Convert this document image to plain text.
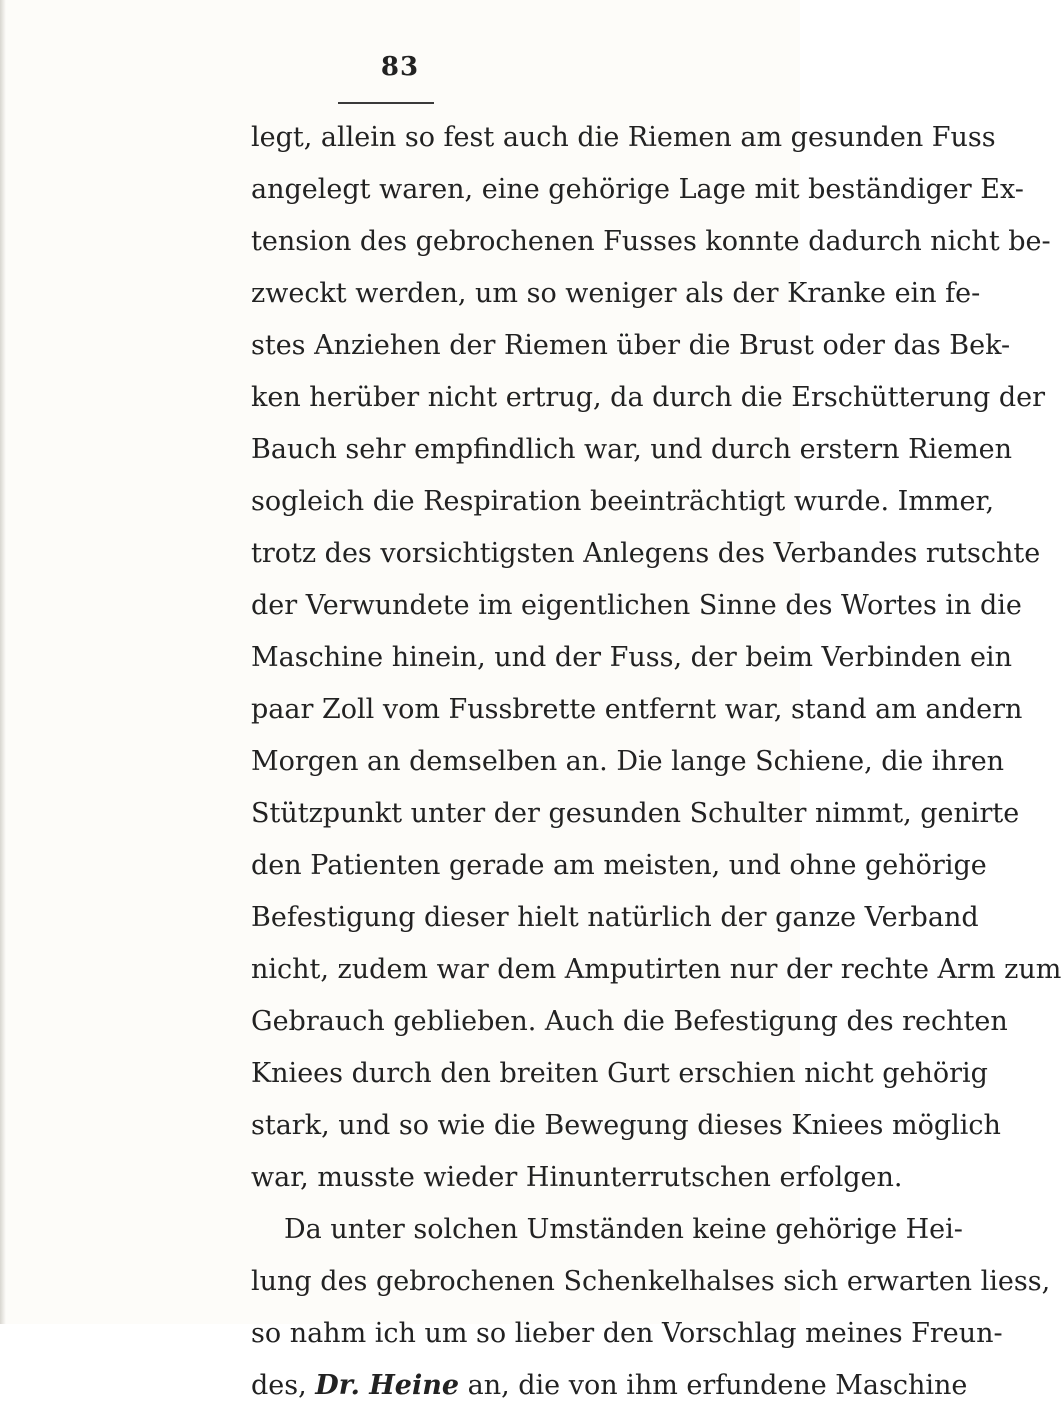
83
legt, allein so fest auch die Riemen am gesunden Fuss
angelegt waren, eine gehörige Lage mit beständiger Ex-
tension des gebrochenen Fusses konnte dadurch nicht be-
zweckt werden, um so weniger als der Kranke ein fe-
stes Anziehen der Riemen über die Brust oder das Bek-
ken herüber nicht ertrug, da durch die Erschütterung der
Bauch sehr empfindlich war, und durch erstern Riemen
sogleich die Respiration beeinträchtigt wurde. Immer,
trotz des vorsichtigsten Anlegens des Verbandes rutschte
der Verwundete im eigentlichen Sinne des Wortes in die
Maschine hinein, und der Fuss, der beim Verbinden ein
paar Zoll vom Fussbrette entfernt war, stand am andern
Morgen an demselben an. Die lange Schiene, die ihren
Stützpunkt unter der gesunden Schulter nimmt, genirte
den Patienten gerade am meisten, und ohne gehörige
Befestigung dieser hielt natürlich der ganze Verband
nicht, zudem war dem Amputirten nur der rechte Arm zum
Gebrauch geblieben. Auch die Befestigung des rechten
Kniees durch den breiten Gurt erschien nicht gehörig
stark, und so wie die Bewegung dieses Kniees möglich
war, musste wieder Hinunterrutschen erfolgen.
Da unter solchen Umständen keine gehörige Hei-
lung des gebrochenen Schenkelhalses sich erwarten liess,
so nahm ich um so lieber den Vorschlag meines Freun-
des, Dr. Heine an, die von ihm erfundene Maschine
